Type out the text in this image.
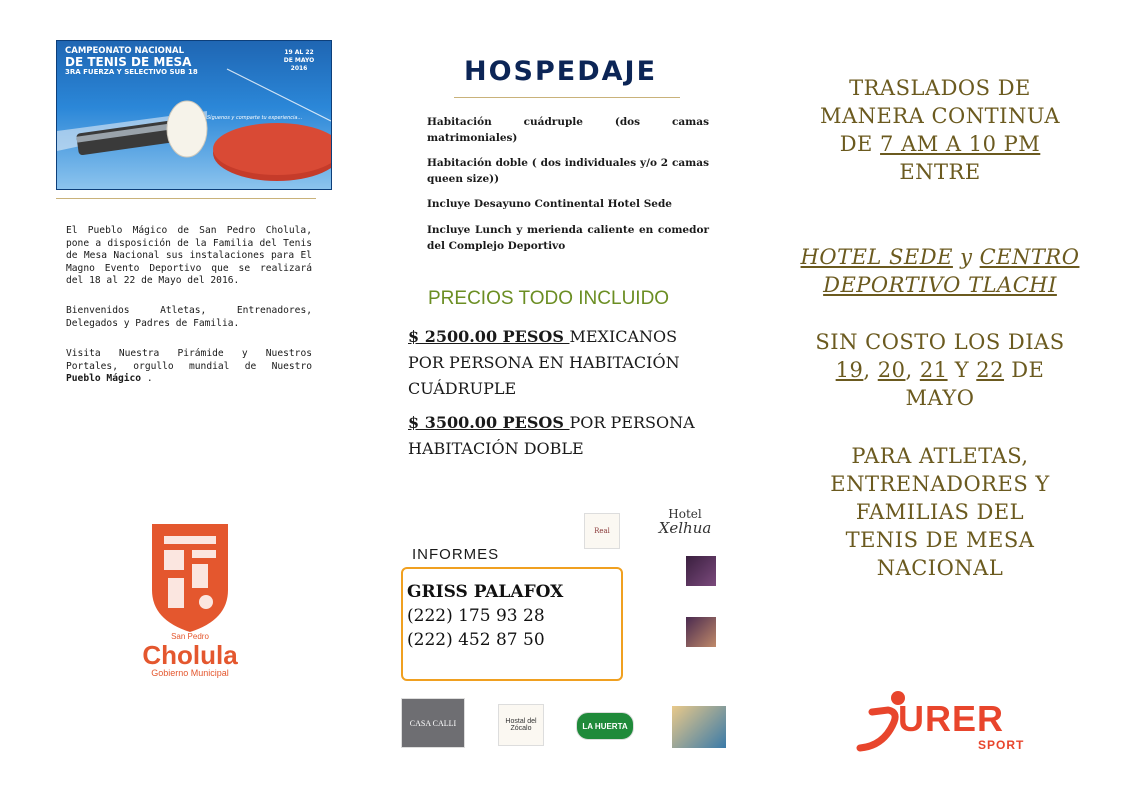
CAMPEONATO NACIONAL
DE TENIS DE MESA
3RA FUERZA Y SELECTIVO SUB 18
19 AL 22
DE MAYO 2016
Síguenos y comparte tu experiencia...
El Pueblo Mágico de San Pedro Cholula, pone a disposición de la Familia del Tenis de Mesa Nacional sus instalaciones para El Magno Evento Deportivo que se realizará del 18 al 22 de Mayo del 2016.
Bienvenidos Atletas, Entrenadores, Delegados y Padres de Familia.
Visita Nuestra Pirámide y Nuestros Portales, orgullo mundial de Nuestro Pueblo Mágico .
San Pedro
Cholula
Gobierno Municipal
HOSPEDAJE
Habitación cuádruple (dos camas matrimoniales)
Habitación doble ( dos individuales y/o 2 camas queen size))
Incluye Desayuno Continental Hotel Sede
Incluye Lunch y merienda caliente en comedor del Complejo Deportivo
PRECIOS TODO INCLUIDO
$ 2500.00 PESOS MEXICANOS POR PERSONA EN HABITACIÓN CUÁDRUPLE
$ 3500.00 PESOS POR PERSONA HABITACIÓN DOBLE
Real
Hotel
Xelhua
INFORMES
GRISS PALAFOX
(222) 175 93 28
(222) 452 87 50
CASA CALLI	Hostal del Zócalo	LA HUERTA
TRASLADOS DE
MANERA CONTINUA
DE 7 AM A 10 PM
ENTRE
HOTEL SEDE y CENTRO
DEPORTIVO TLACHI
SIN COSTO LOS DIAS
19, 20, 21 Y 22 DE
MAYO
PARA ATLETAS,
ENTRENADORES Y
FAMILIAS DEL
TENIS DE MESA
NACIONAL
URER
SPORT
